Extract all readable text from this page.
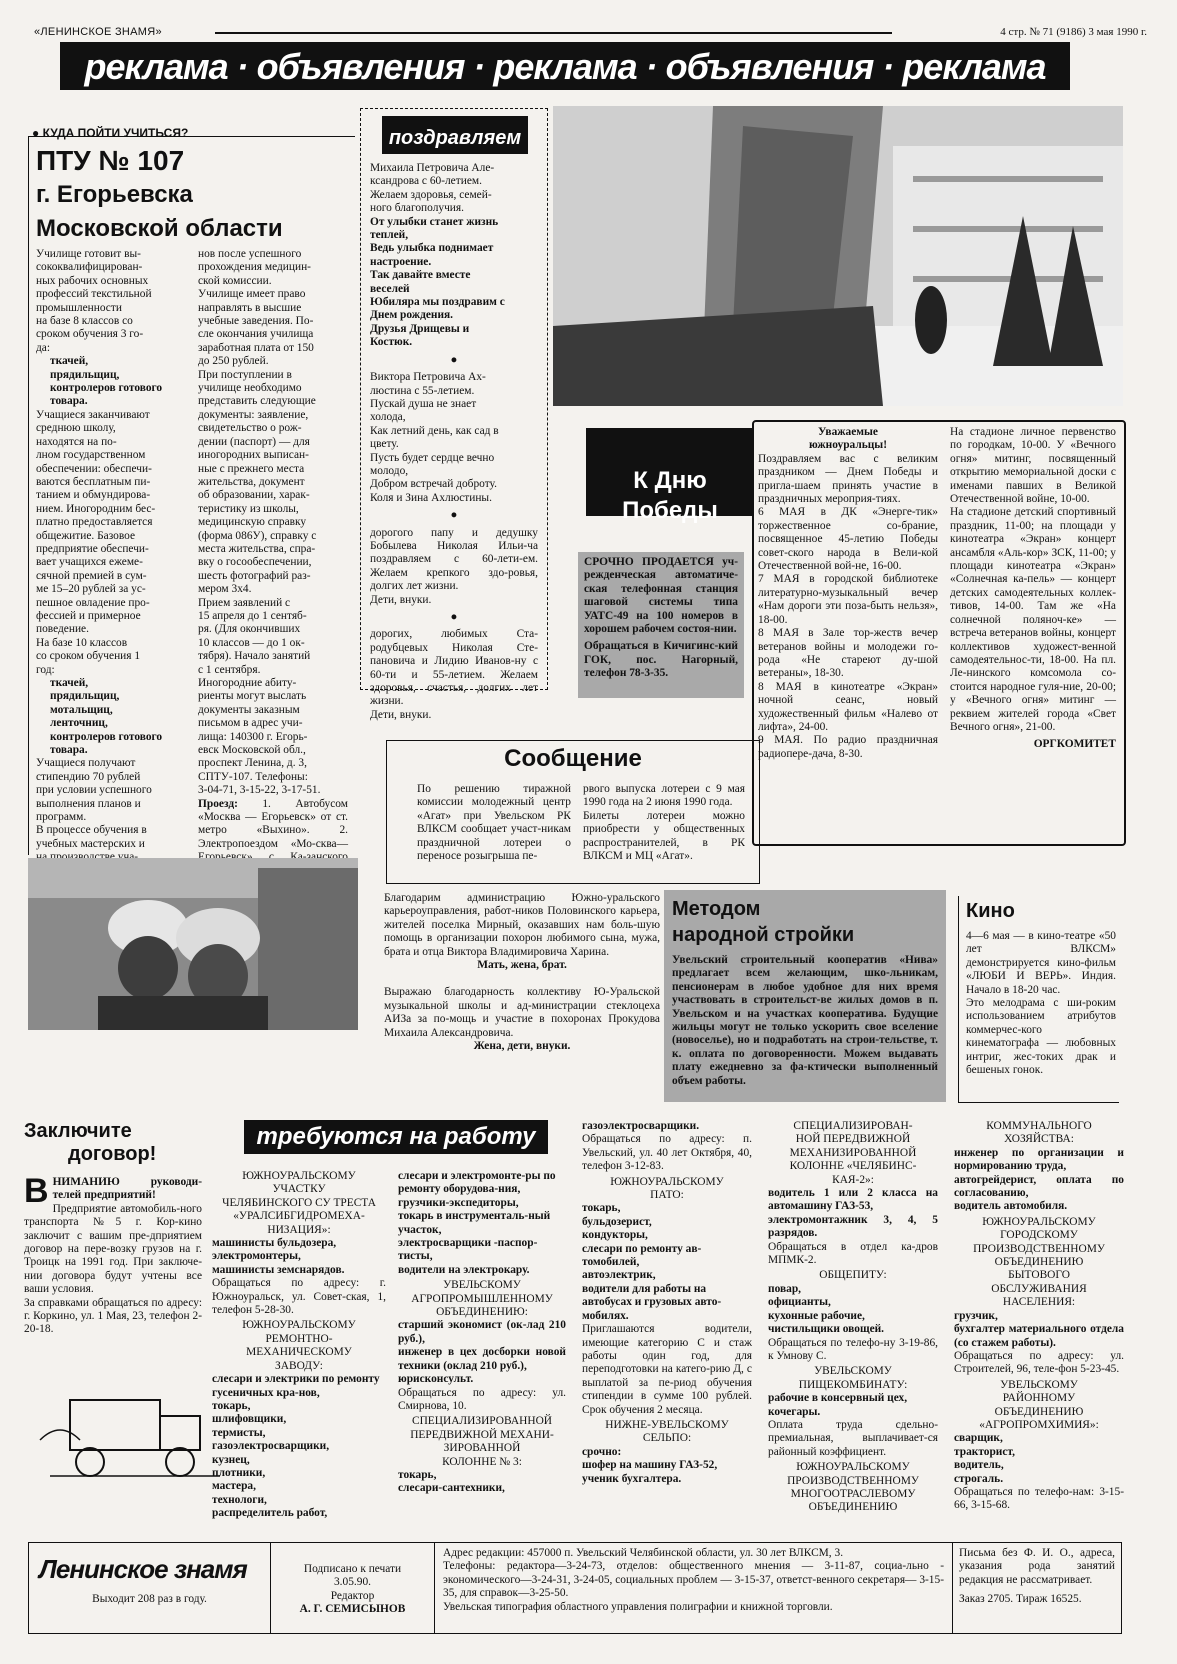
«ЛЕНИНСКОЕ ЗНАМЯ»	4 стр. № 71 (9186) 3 мая 1990 г.
реклама · объявления · реклама · объявления · реклама
● КУДА ПОЙТИ УЧИТЬСЯ?
ПТУ № 107
г. Егорьевска
Московской области

Училище готовит вы-
сококвалифицирован-
ных рабочих основных
профессий текстильной
промышленности
на базе 8 классов со
сроком обучения 3 го-
да:

ткачей,
прядильщиц,
контролеров готового
товара.

Учащиеся заканчивают
среднюю школу,
находятся на по-
лном государственном
обеспечении: обеспечи-
ваются бесплатным пи-
танием и обмундирова-
нием. Иногородним бес-
платно предоставляется
общежитие. Базовое
предприятие обеспечи-
вает учащихся ежеме-
сячной премией в сум-
ме 15–20 рублей за ус-
пешное овладение про-
фессией и примерное
поведение.
На базе 10 классов
со сроком обучения 1
год:

ткачей,
прядильщиц,
мотальщиц,
ленточниц,
контролеров готового
товара.

Учащиеся получают
стипендию 70 рублей
при условии успешного
выполнения планов и
программ.
В процессе обучения в
учебных мастерских и

нов после успешного
прохождения медицин-
ской комиссии.
Училище имеет право
направлять в высшие
учебные заведения. По-
сле окончания училища
заработная плата от 150
до 250 рублей.
При поступлении в
училище необходимо
представить следующие
документы: заявление,
свидетельство о рож-
дении (паспорт) — для
иногородних выписан-
ные с прежнего места
жительства, документ
об образовании, харак-
теристику из школы,
медицинскую справку
(форма 086У), справку с
места жительства, спра-
вку о госообеспечении,
шесть фотографий раз-
мером 3х4.
Прием заявлений с
15 апреля до 1 сентяб-
ря. (Для окончивших
10 классов — до 1 ок-
тября). Начало занятий
с 1 сентября.
Иногородние абиту-
риенты могут выслать
документы заказным
письмом в адрес учи-
лища: 140300 г. Егорь-
евск Московской обл.,
проспект Ленина, д. 3,
СПТУ-107. Телефоны:
3-04-71, 3-15-22, 3-17-51.

Проезд: 1. Автобусом «Москва — Егорьевск» от ст. метро «Выхино». 2. Электропоездом «Мо-сква—

поздравляем

Михаила Петровича Але-
ксандрова с 60-летием.
Желаем здоровья, семей-
ного благополучия.

От улыбки станет жизнь
теплей,
Ведь улыбка поднимает
настроение.
Так давайте вместе
веселей
Юбиляра мы поздравим с
Днем рождения.
Друзья Дрищевы и
Костюк.

●

Виктора Петровича Ах-
люстина с 55-летием.
Пускай душа не знает
холода,
Как летний день, как сад в
цвету.
Пусть будет сердце вечно
молодо,
Добром встречай доброту.
Коля и Зина Ахлюстины.

●

дорогого папу и дедушку Бобылева Николая Ильи-ча поздравляем с 60-лети-ем. Желаем крепкого здо-ровья, долгих лет жизни.
Дети, внуки.

●

дорогих, любимых Ста-родубцевых Николая Сте-пановича и Лидию Иванов-ну с 60-ти и 55-летием. Желаем здоровья, счастья, долгих лет жизни.
Дети, внуки.

К Дню
Победы

Уважаемые
южноуральцы!

Поздравляем вас с великим праздником — Днем Победы и пригла-шаем принять участие в праздничных мероприя-тиях.
6 МАЯ в ДК «Энерге-тик» торжественное со-брание, посвященное 45-летию Победы совет-ского народа в Вели-кой Отечественной вой-не, 16-00.
7 МАЯ в городской библиотеке литературно-музыкальный вечер «Нам дороги эти поза-быть нельзя», 18-00.
8 МАЯ в Зале тор-жеств вечер ветеранов войны и молодежи го-рода «Не стареют ду-шой ветераны», 18-30.
8 МАЯ в кинотеатре «Экран» ночной сеанс, новый художественный фильм «Налево от лифта», 24-00.
9 МАЯ. По радио праздничная радиопере-дача, 8-30.

На стадионе личное первенство по городкам, 10-00. У «Вечного огня» митинг, посвященный открытию мемориальной доски с именами павших в Великой Отечественной войне, 10-00.
На стадионе детский спортивный праздник, 11-00; на площади у кинотеатра «Экран» концерт ансамбля «Аль-кор» ЗСК, 11-00; у площади кинотеатра «Экран» «Солнечная ка-пель» — концерт детских самодеятельных коллек-тивов, 14-00. Там же «На солнечной поляноч-ке» — встреча ветеранов войны, концерт коллективов художест-венной самодеятельнос-ти, 18-00. На пл. Ле-нинского комсомола со-стоится народное гуля-ние, 20-00; у «Вечного огня» митинг — реквием жителей города «Свет Вечного огня», 21-00.

ОРГКОМИТЕТ

СРОЧНО ПРОДАЕТСЯ уч-режденческая автоматиче-ская телефонная станция шаговой системы типа УАТС-49 на 100 номеров в хорошем рабочем состоя-нии.

Обращаться в Кичигинс-кий ГОК, пос. Нагорный, телефон 78-3-35.

Сообщение

По решению тиражной комиссии молодежный центр «Агат» при Увельском РК ВЛКСМ сообщает участ-никам праздничной лотереи о переносе розыгрыша пе-

рвого выпуска лотереи с 9 мая 1990 года на 2 июня 1990 года.
Билеты лотереи можно приобрести у общественных распространителей, в РК ВЛКСМ и МЦ «Агат».

Благодарим администрацию Южно-уральского карьероуправления, работ-ников Половинского карьера, жителей поселка Мирный, оказавших нам боль-шую помощь в организации похорон любимого сына, мужа, брата и отца Виктора Владимировича Харина.

Мать, жена, брат.

Выражаю благодарность коллективу Ю-Уральской музыкальной школы и ад-министрации стеклоцеха АИЗа за по-мощь и участие в похоронах Прокудова Михаила Александровича.

Жена, дети, внуки.

Методом
народной стройки

Увельский строительный кооператив «Нива» предлагает всем желающим, шко-льникам, пенсионерам в любое удобное для них время участвовать в строительст-ве жилых домов в п. Увельском и на участках кооператива. Будущие жильцы могут не только ускорить свое вселение (новоселье), но и подработать на строи-тельстве, т. к. оплата по договоренности. Можем выдавать плату ежедневно за фа-ктически выполненный объем работы.

Кино

4—6 мая — в кино-театре «50 лет ВЛКСМ» демонстрируется кино-фильм «ЛЮБИ И ВЕРЬ». Индия. Начало в 18-20 час.
Это мелодрама с ши-роким использованием атрибутов коммерчес-кого кинематографа — любовных интриг, жес-токих драк и бешеных гонок.

Заключите
договор!
В НИМАНИЮ руководи-телей предприятий!

Предприятие автомобиль-ного транспорта №5 г. Кор-кино заключит с вашим пре-дприятием договор на пере-возку грузов на г. Троицк на 1991 год. При заключе-нии договора будут учтены все ваши условия.
За справками обращаться по адресу: г. Коркино, ул. 1 Мая, 23, телефон 2-20-18.

требуются на работу

ЮЖНОУРАЛЬСКОМУ
УЧАСТКУ
ЧЕЛЯБИНСКОГО СУ ТРЕСТА
«УРАЛСИБГИДРОМЕХА-
НИЗАЦИЯ»:

машинисты бульдозера,
электромонтеры,
машинисты земснарядов.

Обращаться по адресу: г. Южноуральск, ул. Совет-ская, 1, телефон 5-28-30.

ЮЖНОУРАЛЬСКОМУ
РЕМОНТНО-
МЕХАНИЧЕСКОМУ
ЗАВОДУ:

слесари и электрики по ремонту гусеничных кра-нов,
токарь,
шлифовщики,
термисты,
газоэлектросварщики,
кузнец,
плотники,
мастера,
технологи,
распределитель работ,

слесари и электромонте-ры по ремонту оборудова-ния,
грузчики-экспедиторы,
токарь в инструменталь-ный участок,
электросварщики -паспор-тисты,
водители на электрокару.

УВЕЛЬСКОМУ
АГРОПРОМЫШЛЕННОМУ
ОБЪЕДИНЕНИЮ:

старший экономист (ок-лад 210 руб.),
инженер в цех досборки новой техники (оклад 210 руб.),
юрисконсульт.

Обращаться по адресу: ул. Смирнова, 10.

СПЕЦИАЛИЗИРОВАННОЙ
ПЕРЕДВИЖНОЙ МЕХАНИ-
ЗИРОВАННОЙ
КОЛОННЕ № 3:

токарь,
слесари-сантехники,

газоэлектросварщики.

Обращаться по адресу: п. Увельский, ул. 40 лет Октября, 40, телефон 3-12-83.

ЮЖНОУРАЛЬСКОМУ
ПАТО:

токарь,
бульдозерист,
кондукторы,
слесари по ремонту ав-томобилей,
автоэлектрик,
водители для работы на автобусах и грузовых авто-мобилях.

Приглашаются водители, имеющие категорию С и стаж работы один год, для переподготовки на катего-рию Д, с выплатой за пе-риод обучения стипендии в сумме 100 рублей. Срок обучения 2 месяца.

НИЖНЕ-УВЕЛЬСКОМУ
СЕЛЬПО:

срочно:
шофер на машину ГАЗ-52,
ученик бухгалтера.

СПЕЦИАЛИЗИРОВАН-
НОЙ ПЕРЕДВИЖНОЙ
МЕХАНИЗИРОВАННОЙ
КОЛОННЕ «ЧЕЛЯБИНС-
КАЯ-2»:

водитель 1 или 2 класса на автомашину ГАЗ-53,
электромонтажник 3, 4, 5 разрядов.

Обращаться в отдел ка-дров МПМК-2.

ОБЩЕПИТУ:

повар,
официанты,
кухонные рабочие,
чистильщики овощей.

Обращаться по телефо-ну 3-19-86, к Умнову С.

УВЕЛЬСКОМУ
ПИЩЕКОМБИНАТУ:

рабочие в консервный цех,
кочегары.

Оплата труда сдельно-премиальная, выплачивает-ся районный коэффициент.

ЮЖНОУРАЛЬСКОМУ
ПРОИЗВОДСТВЕННОМУ
МНОГООТРАСЛЕВОМУ
ОБЪЕДИНЕНИЮ

КОММУНАЛЬНОГО
ХОЗЯЙСТВА:

инженер по организации и нормированию труда,
автогрейдерист, оплата по согласованию,
водитель автомобиля.

ЮЖНОУРАЛЬСКОМУ
ГОРОДСКОМУ
ПРОИЗВОДСТВЕННОМУ
ОБЪЕДИНЕНИЮ
БЫТОВОГО
ОБСЛУЖИВАНИЯ
НАСЕЛЕНИЯ:

грузчик,
бухгалтер материального отдела (со стажем работы).

Обращаться по адресу: ул. Строителей, 96, теле-фон 5-23-45.

УВЕЛЬСКОМУ
РАЙОННОМУ
ОБЪЕДИНЕНИЮ
«АГРОПРОМХИМИЯ»:

сварщик,
тракторист,
водитель,
строгаль.

Обращаться по телефо-нам: 3-15-66, 3-15-68.

Ленинское знамя
Выходит 208 раз в году.

Подписано к печати
3.05.90.

Редактор

А. Г. СЕМИСЫНОВ

Адрес редакции: 457000 п. Увельский Челябинской области, ул. 30 лет ВЛКСМ, 3.
Телефоны: редактора—3-24-73, отделов: общественного мнения — 3-11-87, социа-льно - экономического—3-24-31, 3-24-05, социальных проблем — 3-15-37, ответст-венного секретаря— 3-15-35, для справок—3-25-50.
Увельская типография областного управления полиграфии и книжной торговли.

Письма без Ф. И. О., адреса, указания рода занятий редакция не рассматривает.

Заказ 2705. Тираж 16525.
